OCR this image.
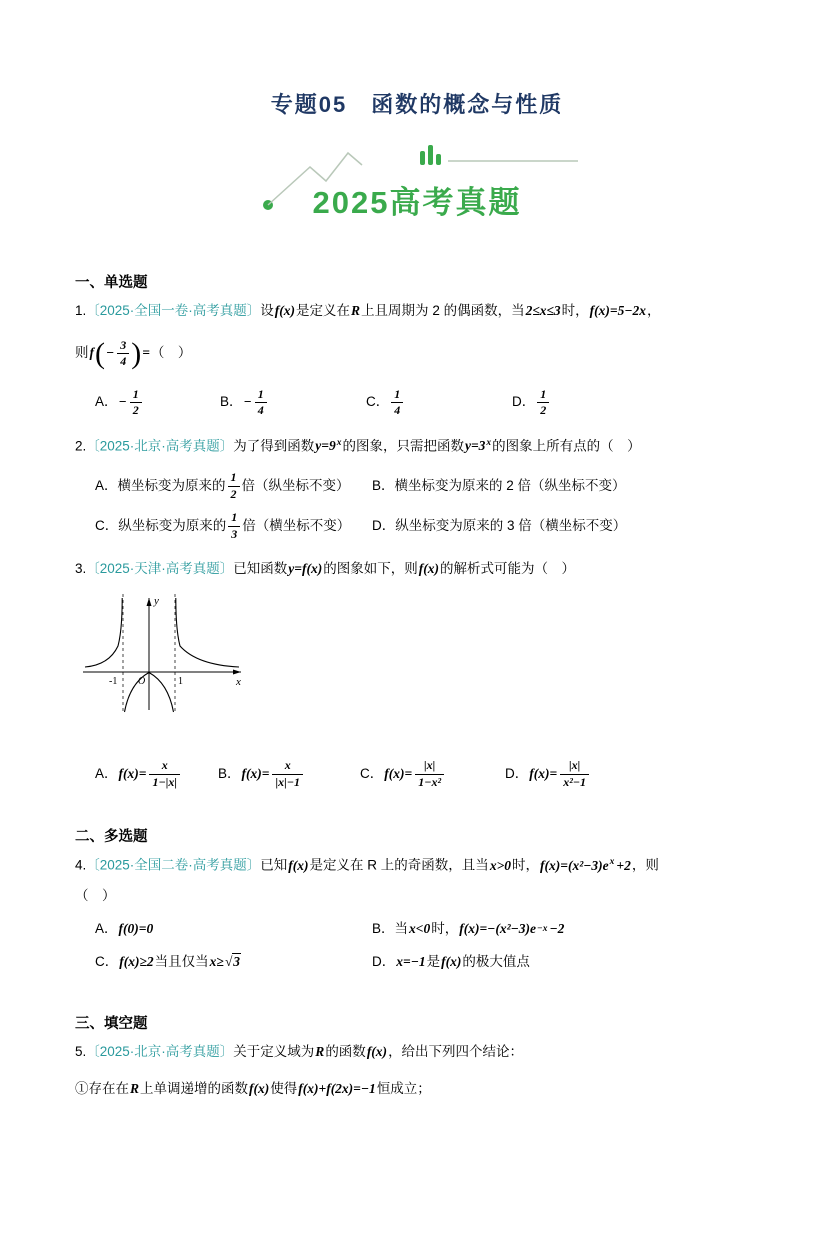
专题05　函数的概念与性质
2025高考真题
一、单选题

1.〔2025·全国一卷·高考真题〕设f(x)是定义在R上且周期为 2 的偶函数，当2≤x≤3时，f(x)=5−2x，

则 f ( − $\frac{3}{4}$ ) = （　）

A． − $\frac{1}{2}$	B． − $\frac{1}{4}$	C． $\frac{1}{4}$	D． $\frac{1}{2}$

2.〔2025·北京·高考真题〕为了得到函数$y=9^x$的图象，只需把函数$y=3^x$的图象上所有点的（　）

A．横坐标变为原来的 $\frac{1}{2}$ 倍（纵坐标不变） B．横坐标变为原来的 2 倍（纵坐标不变）
C．纵坐标变为原来的 $\frac{1}{3}$ 倍（横坐标不变） D．纵坐标变为原来的 3 倍（横坐标不变）

3.〔2025·天津·高考真题〕已知函数y=f(x)的图象如下，则f(x)的解析式可能为（　）

y
x
O
-1	1
A． $f(x)= \frac{x}{1-|x|}$	B． $f(x)= \frac{x}{|x|-1}$	C． $f(x)= \frac{|x|}{\text{1−x²}}$	D． $f(x)= \frac{|x|}{\text{x²−1}}$
二、多选题

4.〔2025·全国二卷·高考真题〕已知f(x)是定义在 R 上的奇函数，且当x>0时，$f(x)=(x^2-3)e^x +2$，则

（　）

A． f(0)=0	B．当 x<0 时， f(x)=−(x²−3)e −x −2
C． f(x)≥2 当且仅当 x≥ √3	D． x=−1 是 f(x) 的极大值点
三、填空题

5.〔2025·北京·高考真题〕关于定义域为R的函数f(x)，给出下列四个结论：

①存在在R上单调递增的函数f(x)使得f(x)+f(2x)=−1恒成立；
